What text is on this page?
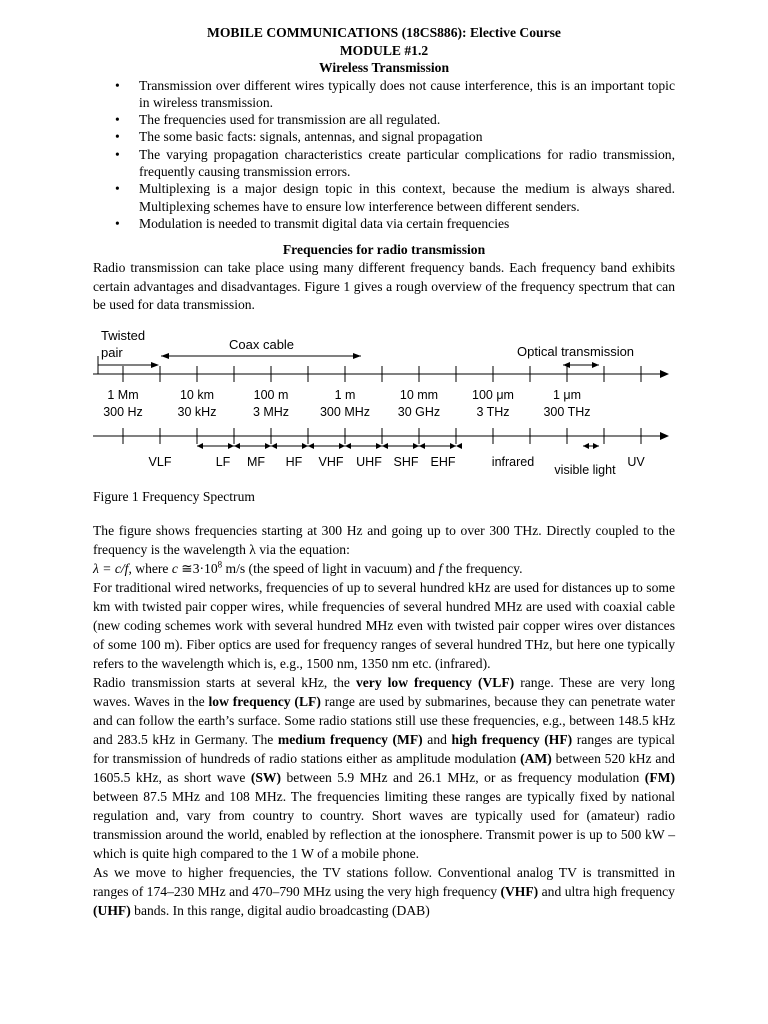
MOBILE COMMUNICATIONS (18CS886): Elective Course
MODULE #1.2
Wireless Transmission
• Transmission over different wires typically does not cause interference, this is an important topic in wireless transmission.
• The frequencies used for transmission are all regulated.
• The some basic facts: signals, antennas, and signal propagation
• The varying propagation characteristics create particular complications for radio transmission, frequently causing transmission errors.
• Multiplexing is a major design topic in this context, because the medium is always shared. Multiplexing schemes have to ensure low interference between different senders.
• Modulation is needed to transmit digital data via certain frequencies
Frequencies for radio transmission

Radio transmission can take place using many different frequency bands. Each frequency band exhibits certain advantages and disadvantages. Figure 1 gives a rough overview of the frequency spectrum that can be used for data transmission.

Twisted
pair
Coax cable	Optical transmission
1 Mm	10 km	100 m	1 m	10 mm	100 μm	1 μm
300 Hz	30 kHz	3 MHz 300 MHz 30 GHz	3 THz	300 THz
VLF	LF MF HF VHF UHF SHF EHF	infrared
visible light
UV
Figure 1 Frequency Spectrum

The figure shows frequencies starting at 300 Hz and going up to over 300 THz. Directly coupled to the frequency is the wavelength λ via the equation:

λ = c/f, where c $≅3\cdot 10^8$ m/s (the speed of light in vacuum) and f the frequency.

For traditional wired networks, frequencies of up to several hundred kHz are used for distances up to some km with twisted pair copper wires, while frequencies of several hundred MHz are used with coaxial cable (new coding schemes work with several hundred MHz even with twisted pair copper wires over distances of some 100 m). Fiber optics are used for frequency ranges of several hundred THz, but here one typically refers to the wavelength which is, e.g., 1500 nm, 1350 nm etc. (infrared).

Radio transmission starts at several kHz, the very low frequency (VLF) range. These are very long waves. Waves in the low frequency (LF) range are used by submarines, because they can penetrate water and can follow the earth’s surface. Some radio stations still use these frequencies, e.g., between 148.5 kHz and 283.5 kHz in Germany. The medium frequency (MF) and high frequency (HF) ranges are typical for transmission of hundreds of radio stations either as amplitude modulation (AM) between 520 kHz and 1605.5 kHz, as short wave (SW) between 5.9 MHz and 26.1 MHz, or as frequency modulation (FM) between 87.5 MHz and 108 MHz. The frequencies limiting these ranges are typically fixed by national regulation and, vary from country to country. Short waves are typically used for (amateur) radio transmission around the world, enabled by reflection at the ionosphere. Transmit power is up to 500 kW –which is quite high compared to the 1 W of a mobile phone.

As we move to higher frequencies, the TV stations follow. Conventional analog TV is transmitted in ranges of 174–230 MHz and 470–790 MHz using the very high frequency (VHF) and ultra high frequency (UHF) bands. In this range, digital audio broadcasting (DAB)
